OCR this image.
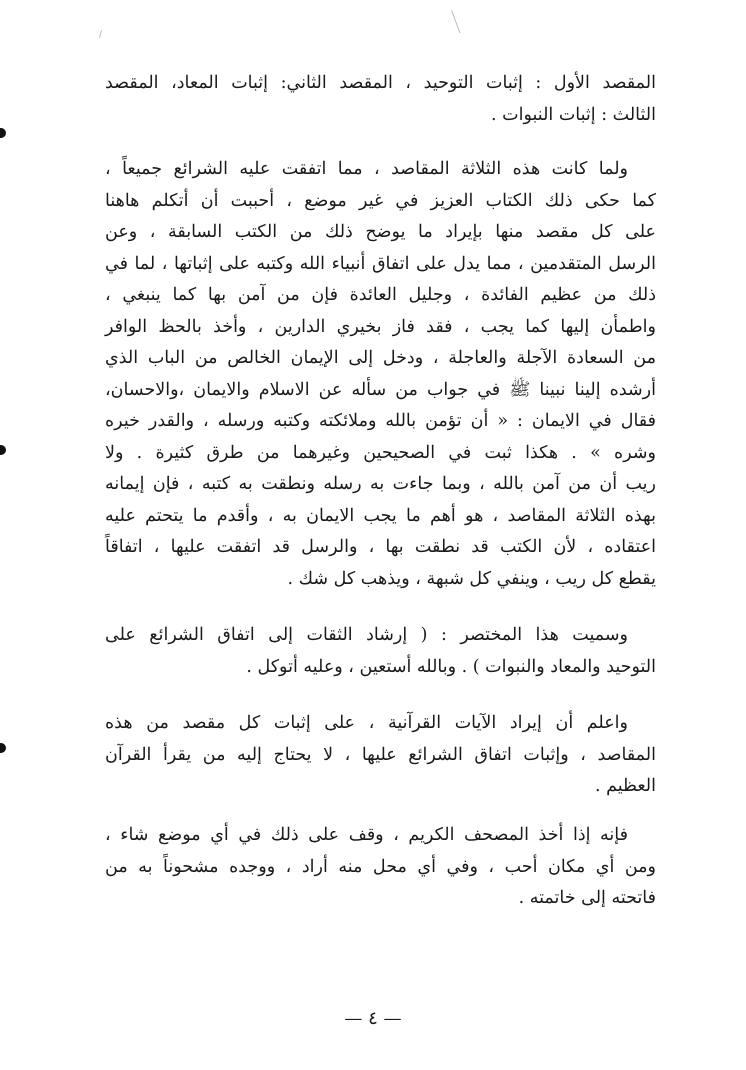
المقصد الأول : إثبات التوحيد ، المقصد الثاني: إثبات المعاد، المقصد
الثالث : إثبات النبوات .
ولما كانت هذه الثلاثة المقاصد ، مما اتفقت عليه الشرائع جميعاً ،
كما حكى ذلك الكتاب العزيز في غير موضع ، أحببت أن أتكلم هاهنا
على كل مقصد منها بإيراد ما يوضح ذلك من الكتب السابقة ، وعن
الرسل المتقدمين ، مما يدل على اتفاق أنبياء الله وكتبه على إثباتها ، لما في
ذلك من عظيم الفائدة ، وجليل العائدة فإن من آمن بها كما ينبغي ،
واطمأن إليها كما يجب ، فقد فاز بخيري الدارين ، وأخذ بالحظ الوافر
من السعادة الآجلة والعاجلة ، ودخل إلى الإيمان الخالص من الباب الذي
أرشده إلينا نبينا ﷺ في جواب من سأله عن الاسلام والايمان ،والاحسان،
فقال في الايمان : « أن تؤمن بالله وملائكته وكتبه ورسله ، والقدر خيره
وشره » . هكذا ثبت في الصحيحين وغيرهما من طرق كثيرة . ولا
ريب أن من آمن بالله ، وبما جاءت به رسله ونطقت به كتبه ، فإن إيمانه
بهذه الثلاثة المقاصد ، هو أهم ما يجب الايمان به ، وأقدم ما يتحتم عليه
اعتقاده ، لأن الكتب قد نطقت بها ، والرسل قد اتفقت عليها ، اتفاقاً
يقطع كل ريب ، وينفي كل شبهة ، ويذهب كل شك .
وسميت هذا المختصر : ( إرشاد الثقات إلى اتفاق الشرائع على
التوحيد والمعاد والنبوات ) . وبالله أستعين ، وعليه أتوكل .
واعلم أن إيراد الآيات القرآنية ، على إثبات كل مقصد من هذه
المقاصد ، وإثبات اتفاق الشرائع عليها ، لا يحتاج إليه من يقرأ القرآن
العظيم .
فإنه إذا أخذ المصحف الكريم ، وقف على ذلك في أي موضع شاء ،
ومن أي مكان أحب ، وفي أي محل منه أراد ، ووجده مشحوناً به من
فاتحته إلى خاتمته .
— ٤ —
